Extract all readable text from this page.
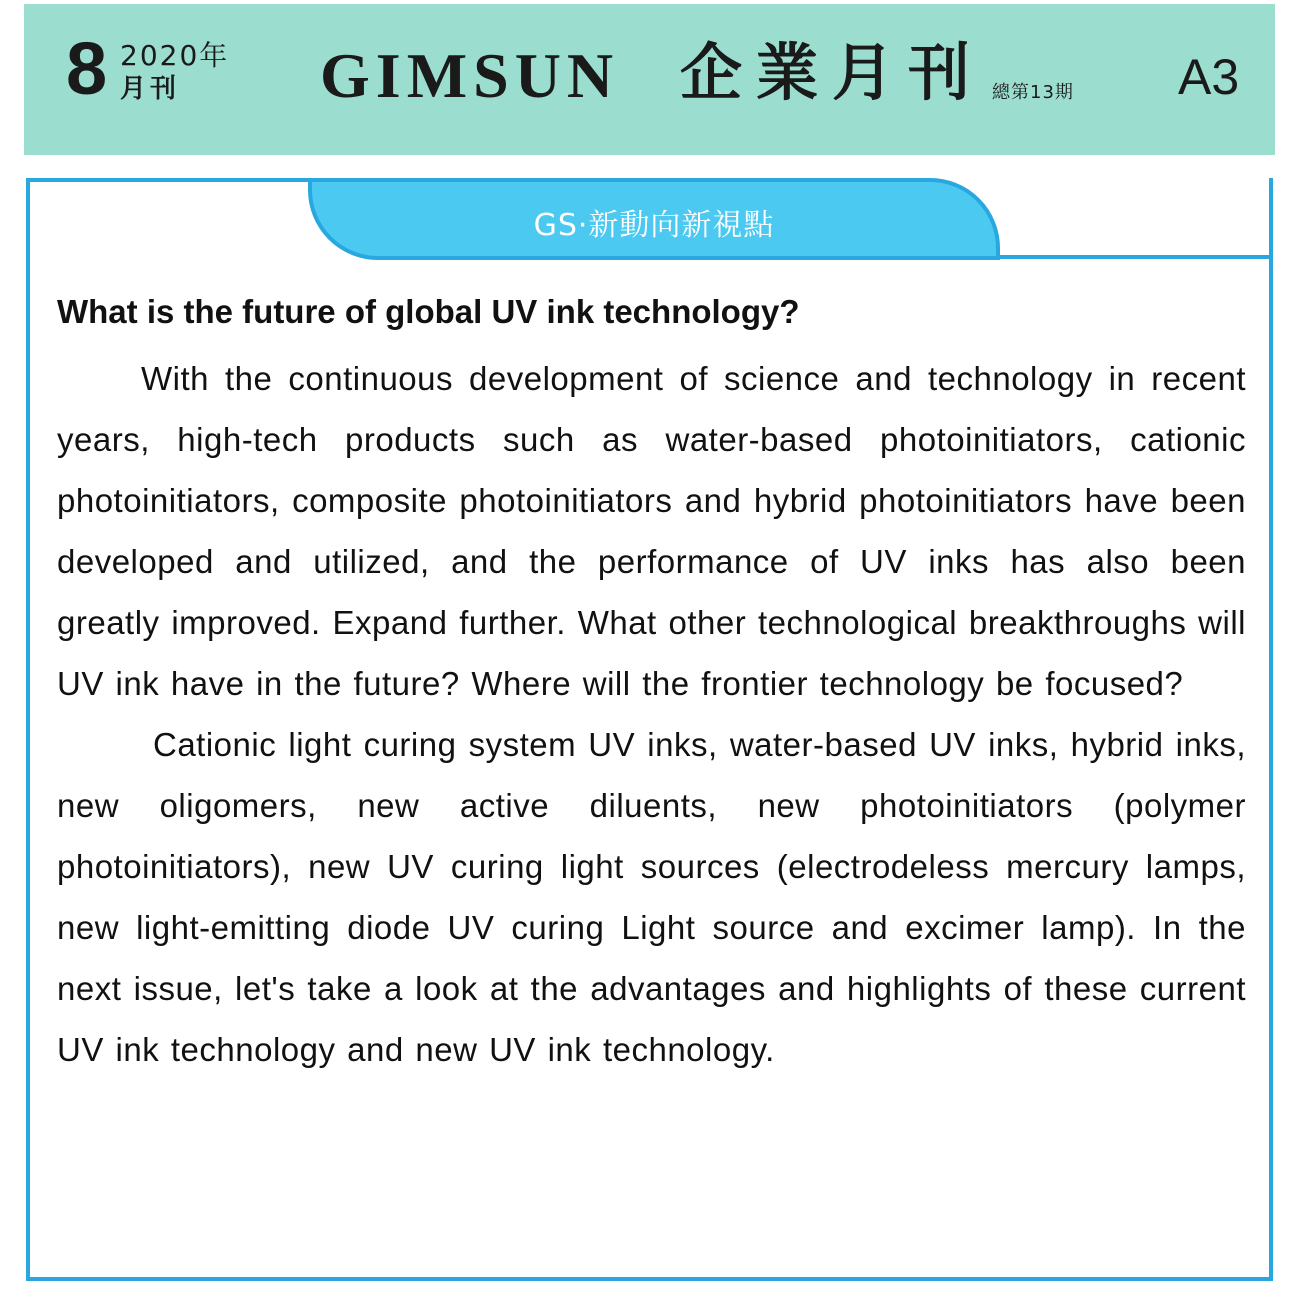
8 2020年
月刊 GIMSUN 企業月刊 總第13期 A3
GS·新動向新視點
What is the future of global UV ink technology?

With the continuous development of science and technology in recent years, high-tech products such as water-based photoinitiators, cationic photoinitiators, composite photoinitiators and hybrid photoinitiators have been developed and utilized, and the performance of UV inks has also been greatly improved. Expand further. What other technological breakthroughs will UV ink have in the future? Where will the frontier technology be focused?

Cationic light curing system UV inks, water-based UV inks, hybrid inks, new oligomers, new active diluents, new photoinitiators (polymer photoinitiators), new UV curing light sources (electrodeless mercury lamps, new light-emitting diode UV curing Light source and excimer lamp). In the next issue, let's take a look at the advantages and highlights of these current UV ink technology and new UV ink technology.
